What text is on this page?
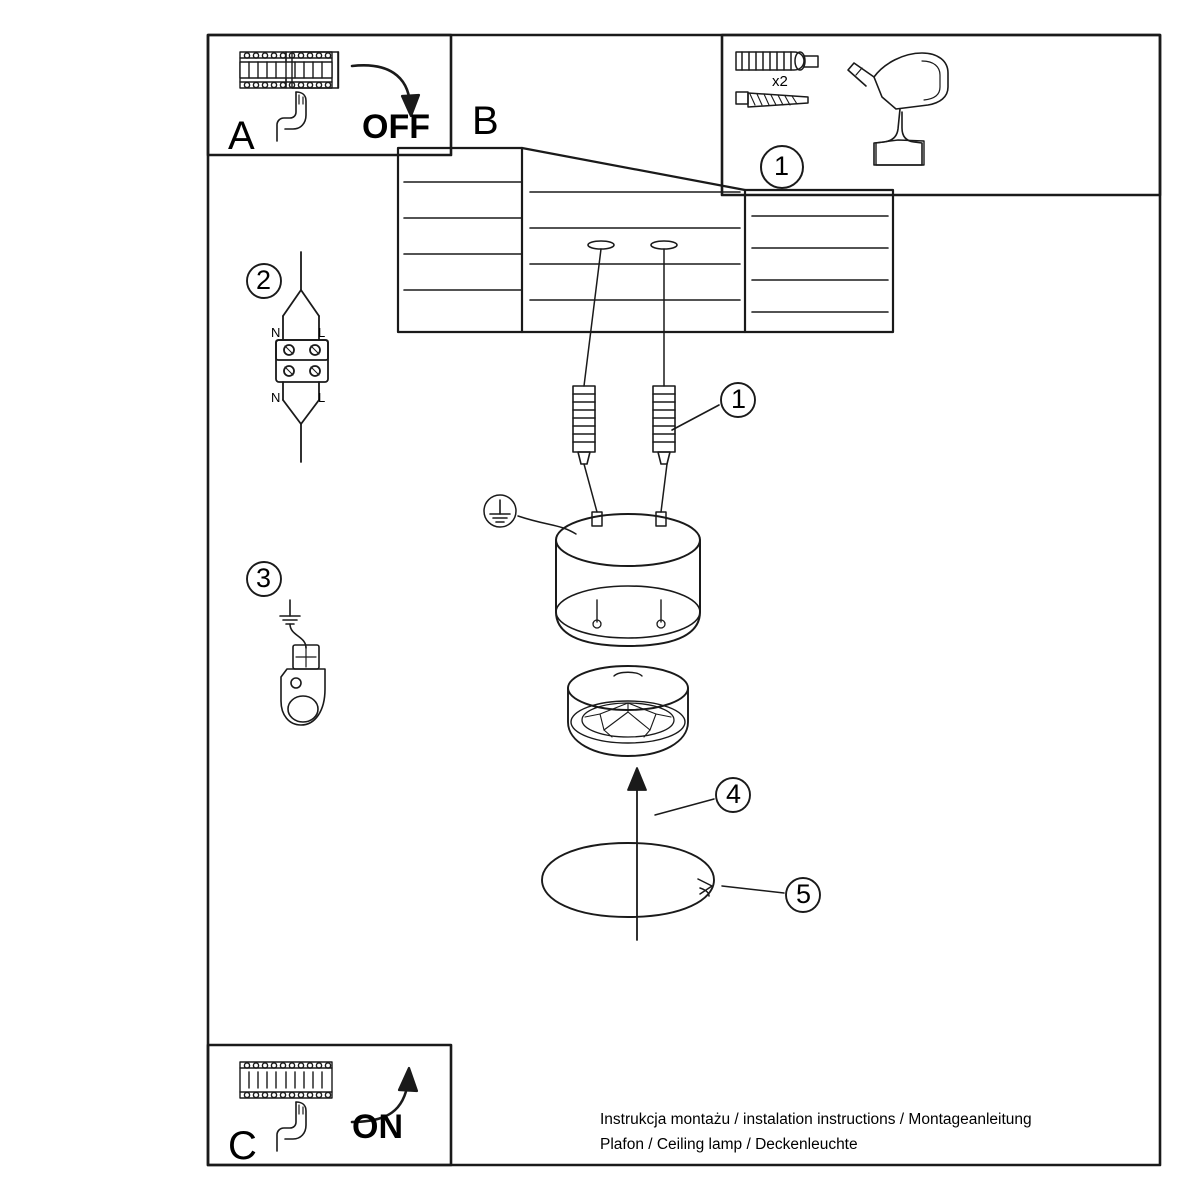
A	OFF B
C	ON
x2
1
2
3
1
4
5
N	L
N	L
Instrukcja montażu / instalation instructions / Montageanleitung
Plafon / Ceiling lamp / Deckenleuchte
